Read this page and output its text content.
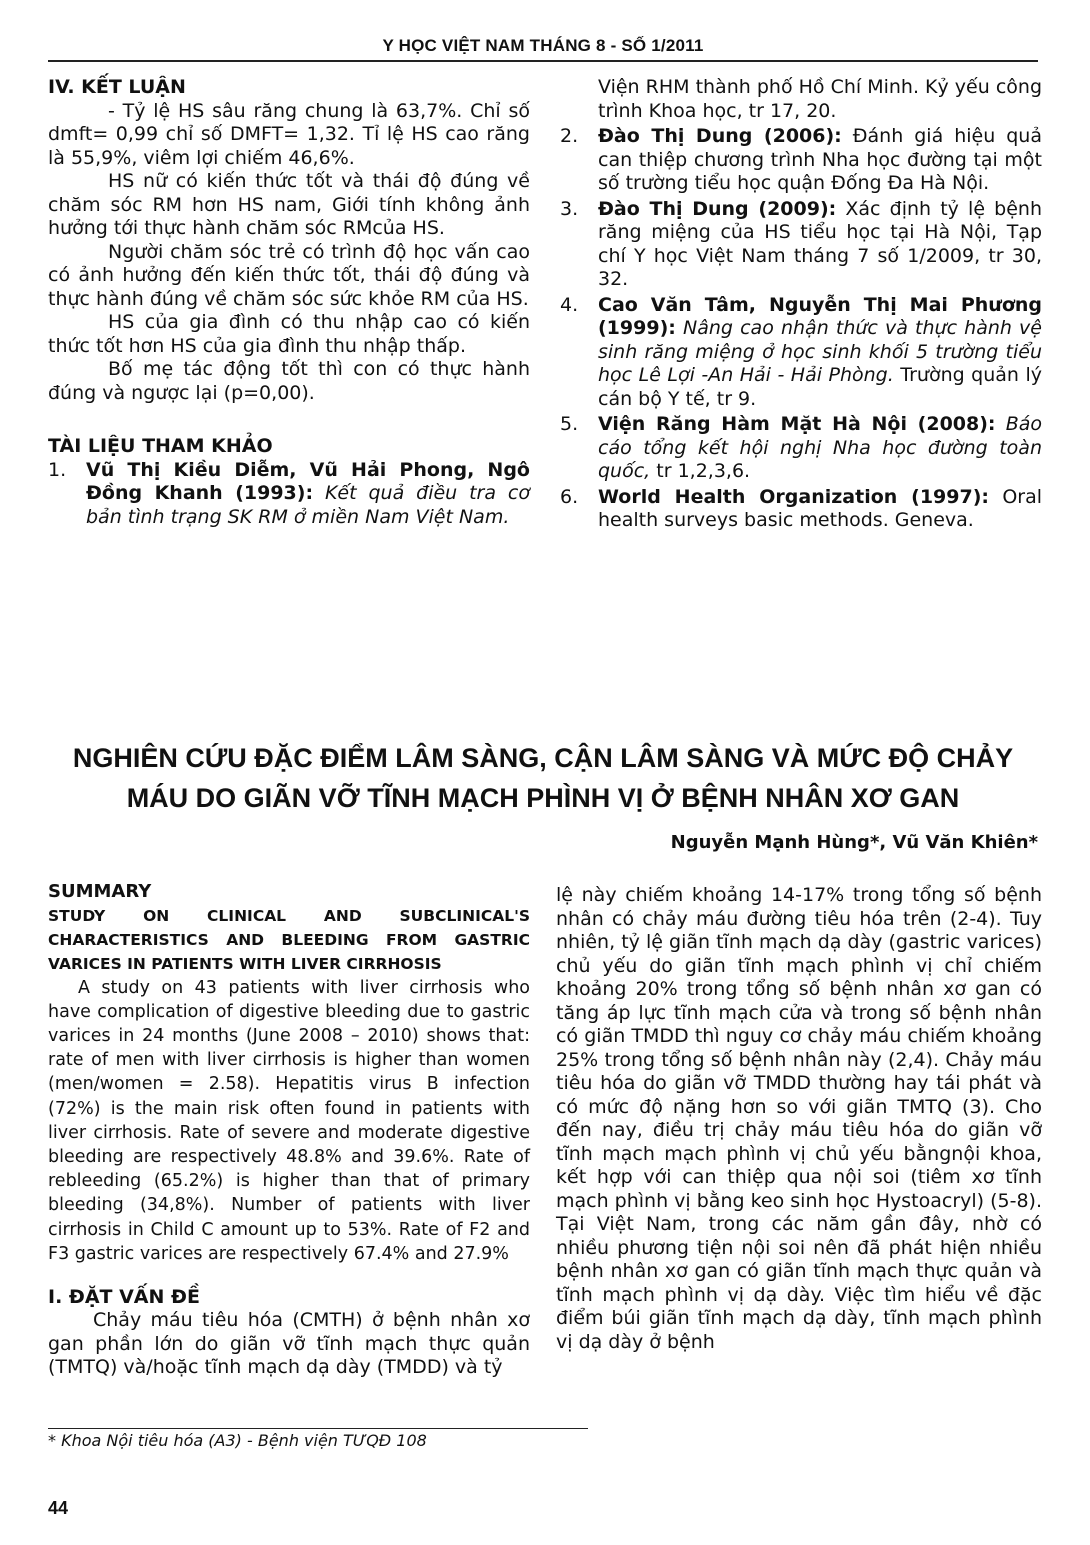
Y HỌC VIỆT NAM THÁNG 8 - SỐ 1/2011
IV. KẾT LUẬN

- Tỷ lệ HS sâu răng chung là 63,7%. Chỉ số dmft= 0,99 chỉ số DMFT= 1,32. Tỉ lệ HS cao răng là 55,9%, viêm lợi chiếm 46,6%.

HS nữ có kiến thức tốt và thái độ đúng về chăm sóc RM hơn HS nam, Giới tính không ảnh hưởng tới thực hành chăm sóc RMcủa HS.

Người chăm sóc trẻ có trình độ học vấn cao có ảnh hưởng đến kiến thức tốt, thái độ đúng và thực hành đúng về chăm sóc sức khỏe RM của HS.

HS của gia đình có thu nhập cao có kiến thức tốt hơn HS của gia đình thu nhập thấp.

Bố mẹ tác động tốt thì con có thực hành đúng và ngược lại (p=0,00).

TÀI LIỆU THAM KHẢO
1. Vũ Thị Kiều Diễm, Vũ Hải Phong, Ngô Đồng Khanh (1993): Kết quả điều tra cơ bản tình trạng SK RM ở miền Nam Việt Nam.

Viện RHM thành phố Hồ Chí Minh. Kỷ yếu công trình Khoa học, tr 17, 20.

2. Đào Thị Dung (2006): Đánh giá hiệu quả can thiệp chương trình Nha học đường tại một số trường tiểu học quận Đống Đa Hà Nội.
3. Đào Thị Dung (2009): Xác định tỷ lệ bệnh răng miệng của HS tiểu học tại Hà Nội, Tạp chí Y học Việt Nam tháng 7 số 1/2009, tr 30, 32.
4. Cao Văn Tâm, Nguyễn Thị Mai Phương (1999): Nâng cao nhận thức và thực hành vệ sinh răng miệng ở học sinh khối 5 trường tiểu học Lê Lợi -An Hải - Hải Phòng. Trường quản lý cán bộ Y tế, tr 9.
5. Viện Răng Hàm Mặt Hà Nội (2008): Báo cáo tổng kết hội nghị Nha học đường toàn quốc, tr 1,2,3,6.
6. World Health Organization (1997): Oral health surveys basic methods. Geneva.
NGHIÊN CỨU ĐẶC ĐIỂM LÂM SÀNG, CẬN LÂM SÀNG VÀ MỨC ĐỘ CHẢY MÁU DO GIÃN VỠ TĨNH MẠCH PHÌNH VỊ Ở BỆNH NHÂN XƠ GAN

Nguyễn Mạnh Hùng*, Vũ Văn Khiên*

SUMMARY

STUDY ON CLINICAL AND SUBCLINICAL'S CHARACTERISTICS AND BLEEDING FROM GASTRIC VARICES IN PATIENTS WITH LIVER CIRRHOSIS

A study on 43 patients with liver cirrhosis who have complication of digestive bleeding due to gastric varices in 24 months (June 2008 – 2010) shows that: rate of men with liver cirrhosis is higher than women (men/women = 2.58). Hepatitis virus B infection (72%) is the main risk often found in patients with liver cirrhosis. Rate of severe and moderate digestive bleeding are respectively 48.8% and 39.6%. Rate of rebleeding (65.2%) is higher than that of primary bleeding (34,8%). Number of patients with liver cirrhosis in Child C amount up to 53%. Rate of F2 and F3 gastric varices are respectively 67.4% and 27.9%

I. ĐẶT VẤN ĐỀ

Chảy máu tiêu hóa (CMTH) ở bệnh nhân xơ gan phần lớn do giãn vỡ tĩnh mạch thực quản (TMTQ) và/hoặc tĩnh mạch dạ dày (TMDD) và tỷ

lệ này chiếm khoảng 14-17% trong tổng số bệnh nhân có chảy máu đường tiêu hóa trên (2-4). Tuy nhiên, tỷ lệ giãn tĩnh mạch dạ dày (gastric varices) chủ yếu do giãn tĩnh mạch phình vị chỉ chiếm khoảng 20% trong tổng số bệnh nhân xơ gan có tăng áp lực tĩnh mạch cửa và trong số bệnh nhân có giãn TMDD thì nguy cơ chảy máu chiếm khoảng 25% trong tổng số bệnh nhân này (2,4). Chảy máu tiêu hóa do giãn vỡ TMDD thường hay tái phát và có mức độ nặng hơn so với giãn TMTQ (3). Cho đến nay, điều trị chảy máu tiêu hóa do giãn vỡ tĩnh mạch mạch phình vị chủ yếu bằngnội khoa, kết hợp với can thiệp qua nội soi (tiêm xơ tĩnh mạch phình vị bằng keo sinh học Hystoacryl) (5-8). Tại Việt Nam, trong các năm gần đây, nhờ có nhiều phương tiện nội soi nên đã phát hiện nhiều bệnh nhân xơ gan có giãn tĩnh mạch thực quản và tĩnh mạch phình vị dạ dày. Việc tìm hiểu về đặc điểm búi giãn tĩnh mạch dạ dày, tĩnh mạch phình vị dạ dày ở bệnh

* Khoa Nội tiêu hóa (A3) - Bệnh viện TƯQĐ 108

44
